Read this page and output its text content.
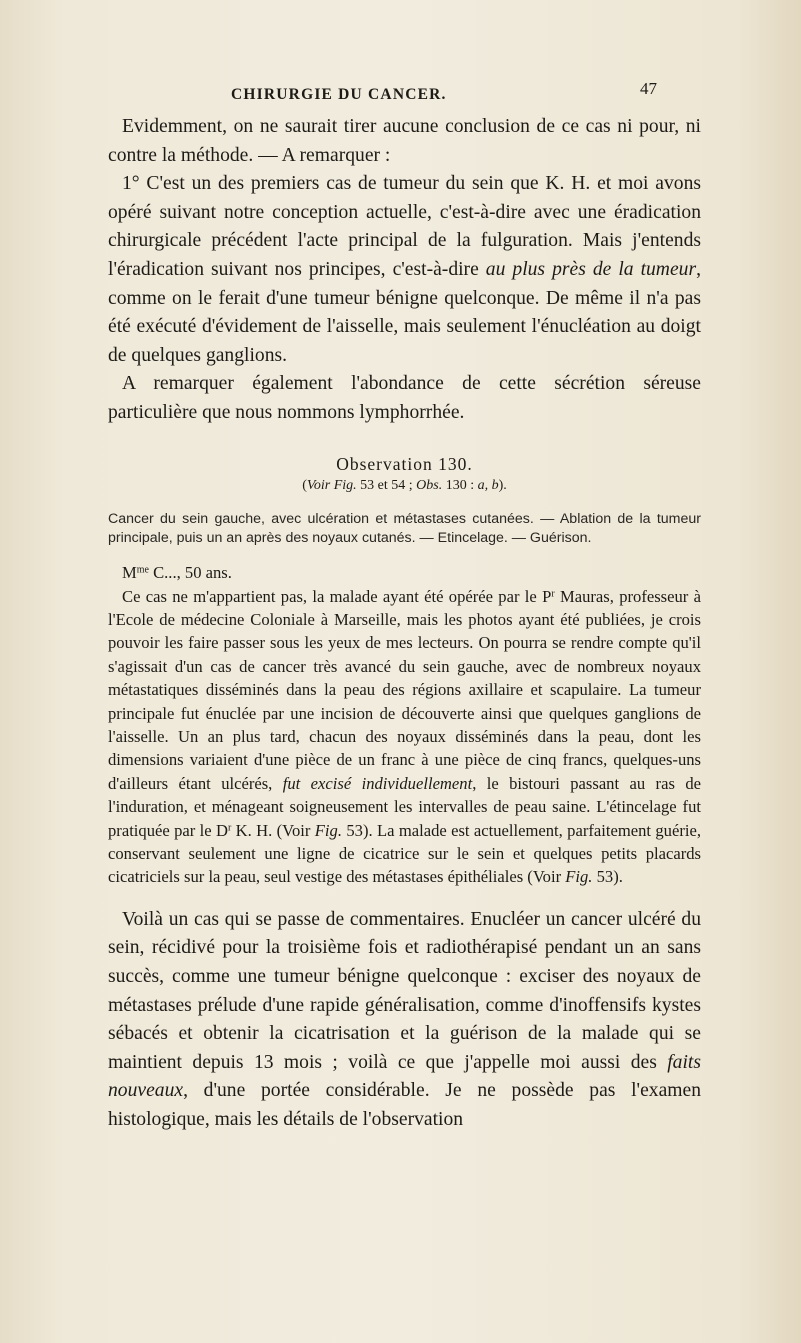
CHIRURGIE DU CANCER.	47

Evidemment, on ne saurait tirer aucune conclusion de ce cas ni pour, ni contre la méthode. — A remarquer :

1° C'est un des premiers cas de tumeur du sein que K. H. et moi avons opéré suivant notre conception actuelle, c'est-à-dire avec une éradication chirurgicale précédent l'acte principal de la fulguration. Mais j'entends l'éradication suivant nos principes, c'est-à-dire au plus près de la tumeur, comme on le ferait d'une tumeur bénigne quelconque. De même il n'a pas été exécuté d'évidement de l'aisselle, mais seulement l'énucléation au doigt de quelques ganglions.

A remarquer également l'abondance de cette sécrétion séreuse particulière que nous nommons lymphorrhée.

Observation 130.
(Voir Fig. 53 et 54 ; Obs. 130 : a, b).

Cancer du sein gauche, avec ulcération et métastases cutanées. — Ablation de la tumeur principale, puis un an après des noyaux cutanés. — Etincelage. — Guérison.

$M^{me}$ C..., 50 ans.

Ce cas ne m'appartient pas, la malade ayant été opérée par le $P^r$ Mauras, professeur à l'Ecole de médecine Coloniale à Marseille, mais les photos ayant été publiées, je crois pouvoir les faire passer sous les yeux de mes lecteurs. On pourra se rendre compte qu'il s'agissait d'un cas de cancer très avancé du sein gauche, avec de nombreux noyaux métastatiques disséminés dans la peau des régions axillaire et scapulaire. La tumeur principale fut énuclée par une incision de découverte ainsi que quelques ganglions de l'aisselle. Un an plus tard, chacun des noyaux disséminés dans la peau, dont les dimensions variaient d'une pièce de un franc à une pièce de cinq francs, quelques-uns d'ailleurs étant ulcérés, fut excisé individuellement, le bistouri passant au ras de l'induration, et ménageant soigneusement les intervalles de peau saine. L'étincelage fut pratiquée par le $D^r$ K. H. (Voir Fig. 53). La malade est actuellement, parfaitement guérie, conservant seulement une ligne de cicatrice sur le sein et quelques petits placards cicatriciels sur la peau, seul vestige des métastases épithéliales (Voir Fig. 53).

Voilà un cas qui se passe de commentaires. Enucléer un cancer ulcéré du sein, récidivé pour la troisième fois et radiothérapisé pendant un an sans succès, comme une tumeur bénigne quelconque : exciser des noyaux de métastases prélude d'une rapide généralisation, comme d'inoffensifs kystes sébacés et obtenir la cicatrisation et la guérison de la malade qui se maintient depuis 13 mois ; voilà ce que j'appelle moi aussi des faits nouveaux, d'une portée considérable. Je ne possède pas l'examen histologique, mais les détails de l'observation
